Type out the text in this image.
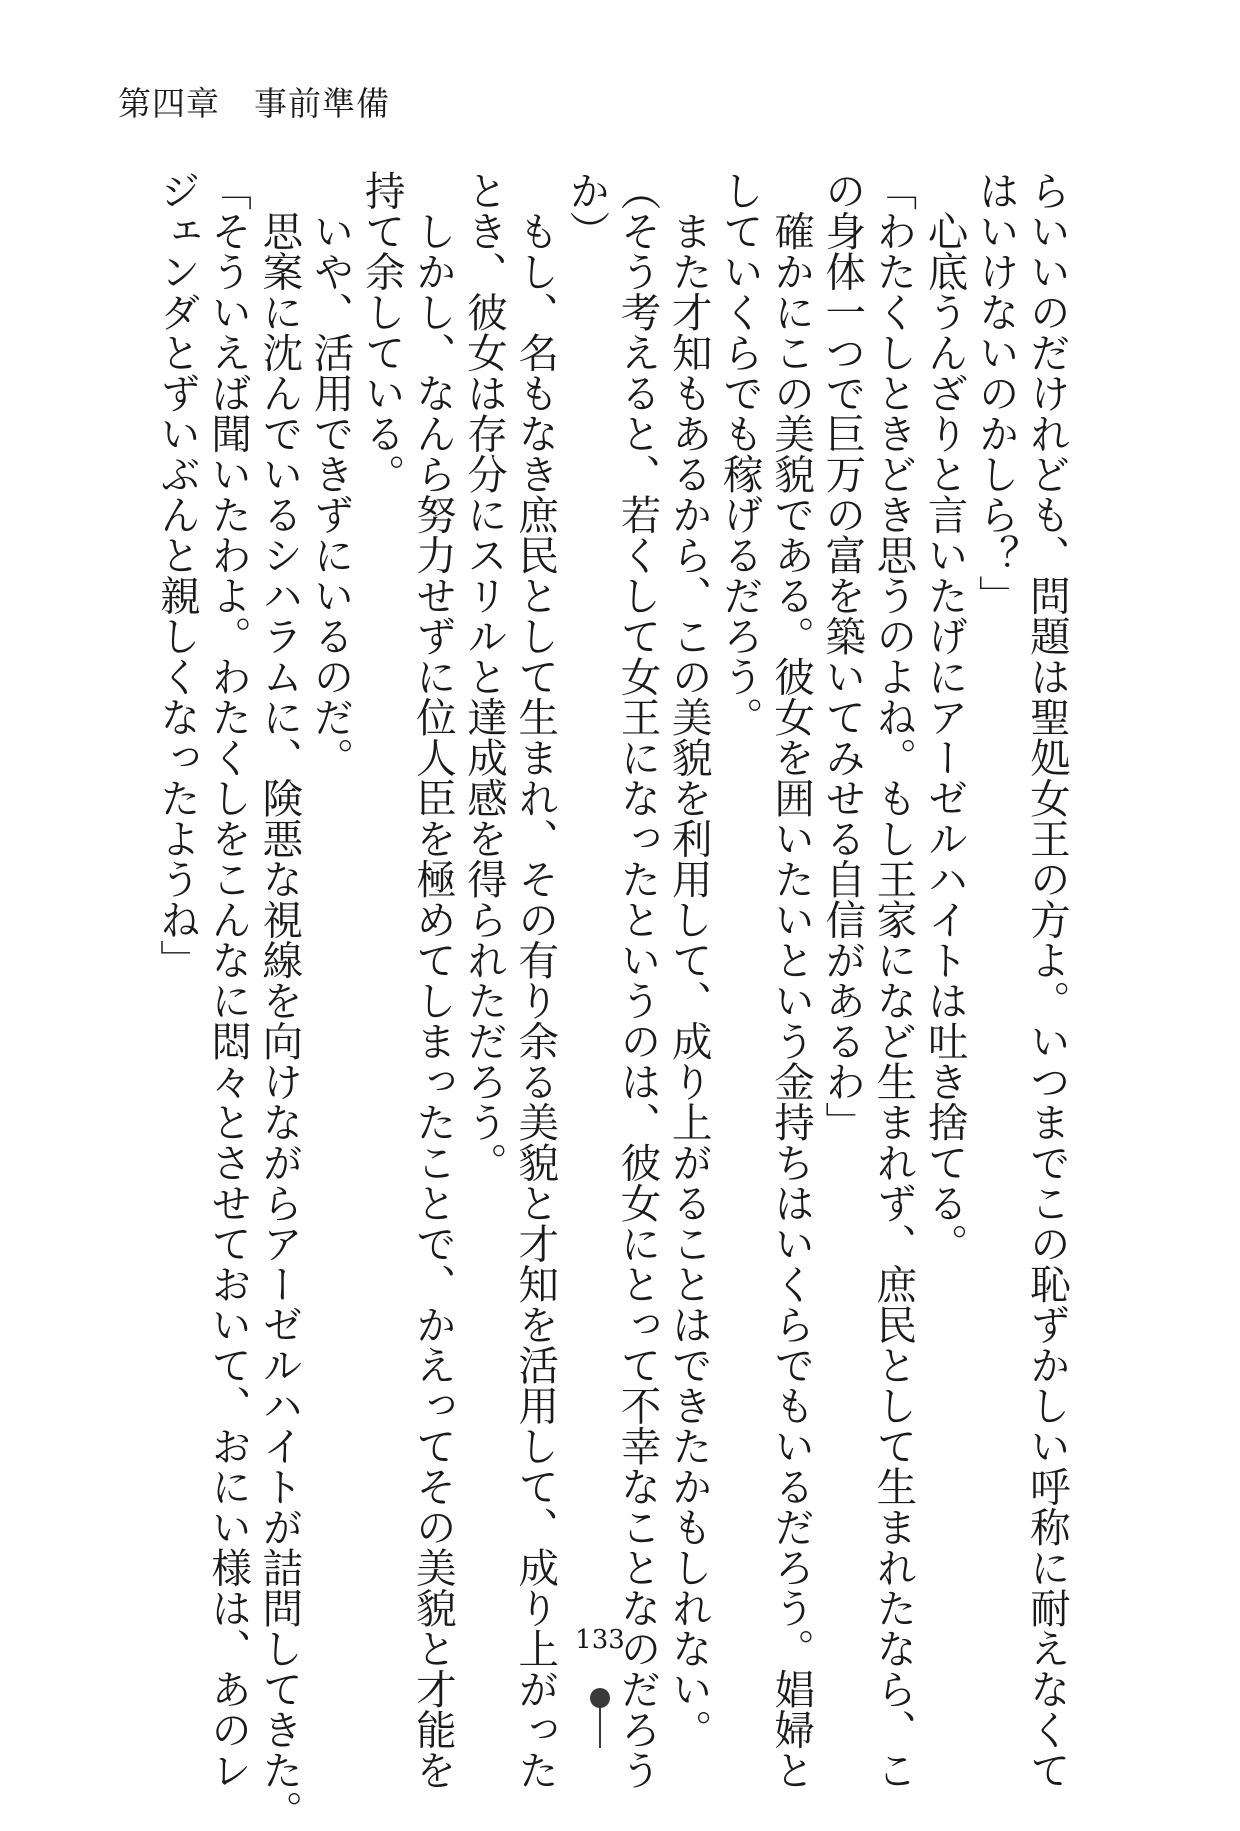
第四章　事前準備
らいいのだけれども、問題は聖処女王の方よ。いつまでこの恥ずかしい呼称に耐えなくて
はいけないのかしら？」
　心底うんざりと言いたげにアーゼルハイトは吐き捨てる。
「わたくしときどき思うのよね。もし王家になど生まれず、庶民として生まれたなら、こ
の身体一つで巨万の富を築いてみせる自信があるわ」
　確かにこの美貌である。彼女を囲いたいという金持ちはいくらでもいるだろう。娼婦と
していくらでも稼げるだろう。
　また才知もあるから、この美貌を利用して、成り上がることはできたかもしれない。
（そう考えると、若くして女王になったというのは、彼女にとって不幸なことなのだろう
か）
　もし、名もなき庶民として生まれ、その有り余る美貌と才知を活用して、成り上がった
とき、彼女は存分にスリルと達成感を得られただろう。
　しかし、なんら努力せずに位人臣を極めてしまったことで、かえってその美貌と才能を
持て余している。
　いや、活用できずにいるのだ。
　思案に沈んでいるシハラムに、険悪な視線を向けながらアーゼルハイトが詰問してきた。
「そういえば聞いたわよ。わたくしをこんなに悶々とさせておいて、おにい様は、あのレ
ジェンダとずいぶんと親しくなったようね」
133
